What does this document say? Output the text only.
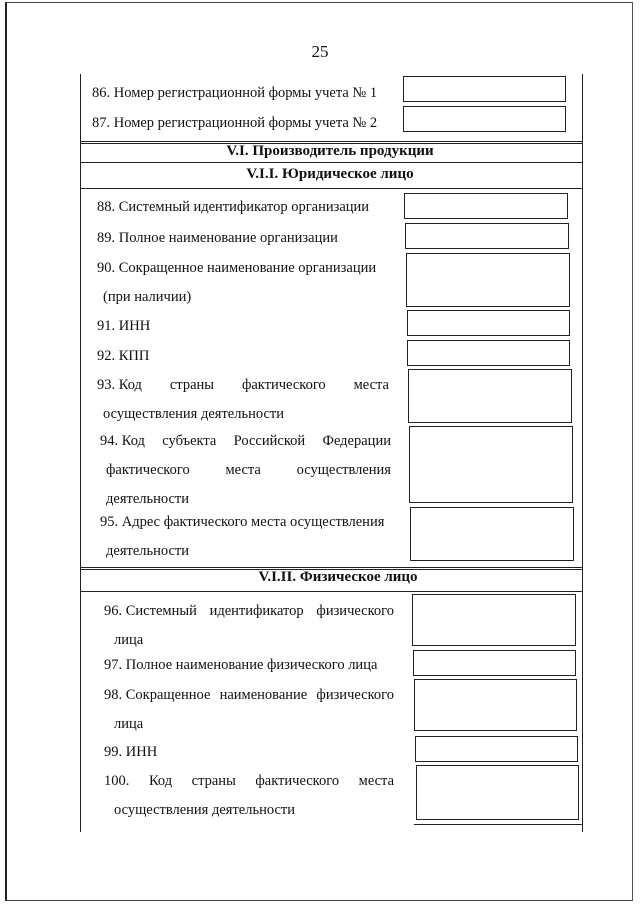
25
86. Номер регистрационной формы учета № 1
87. Номер регистрационной формы учета № 2
V.I. Производитель продукции
V.I.I. Юридическое лицо
88. Системный идентификатор организации
89. Полное наименование организации
90. Сокращенное наименование организации
(при наличии)
91. ИНН
92. КПП
93. Код страны фактического места
осуществления деятельности
94. Код субъекта Российской Федерации
фактического места осуществления
деятельности
95. Адрес фактического места осуществления
деятельности
V.I.II. Физическое лицо
96. Системный идентификатор физического
лица
97. Полное наименование физического лица
98. Сокращенное наименование физического
лица
99. ИНН
100. Код страны фактического места
осуществления деятельности
